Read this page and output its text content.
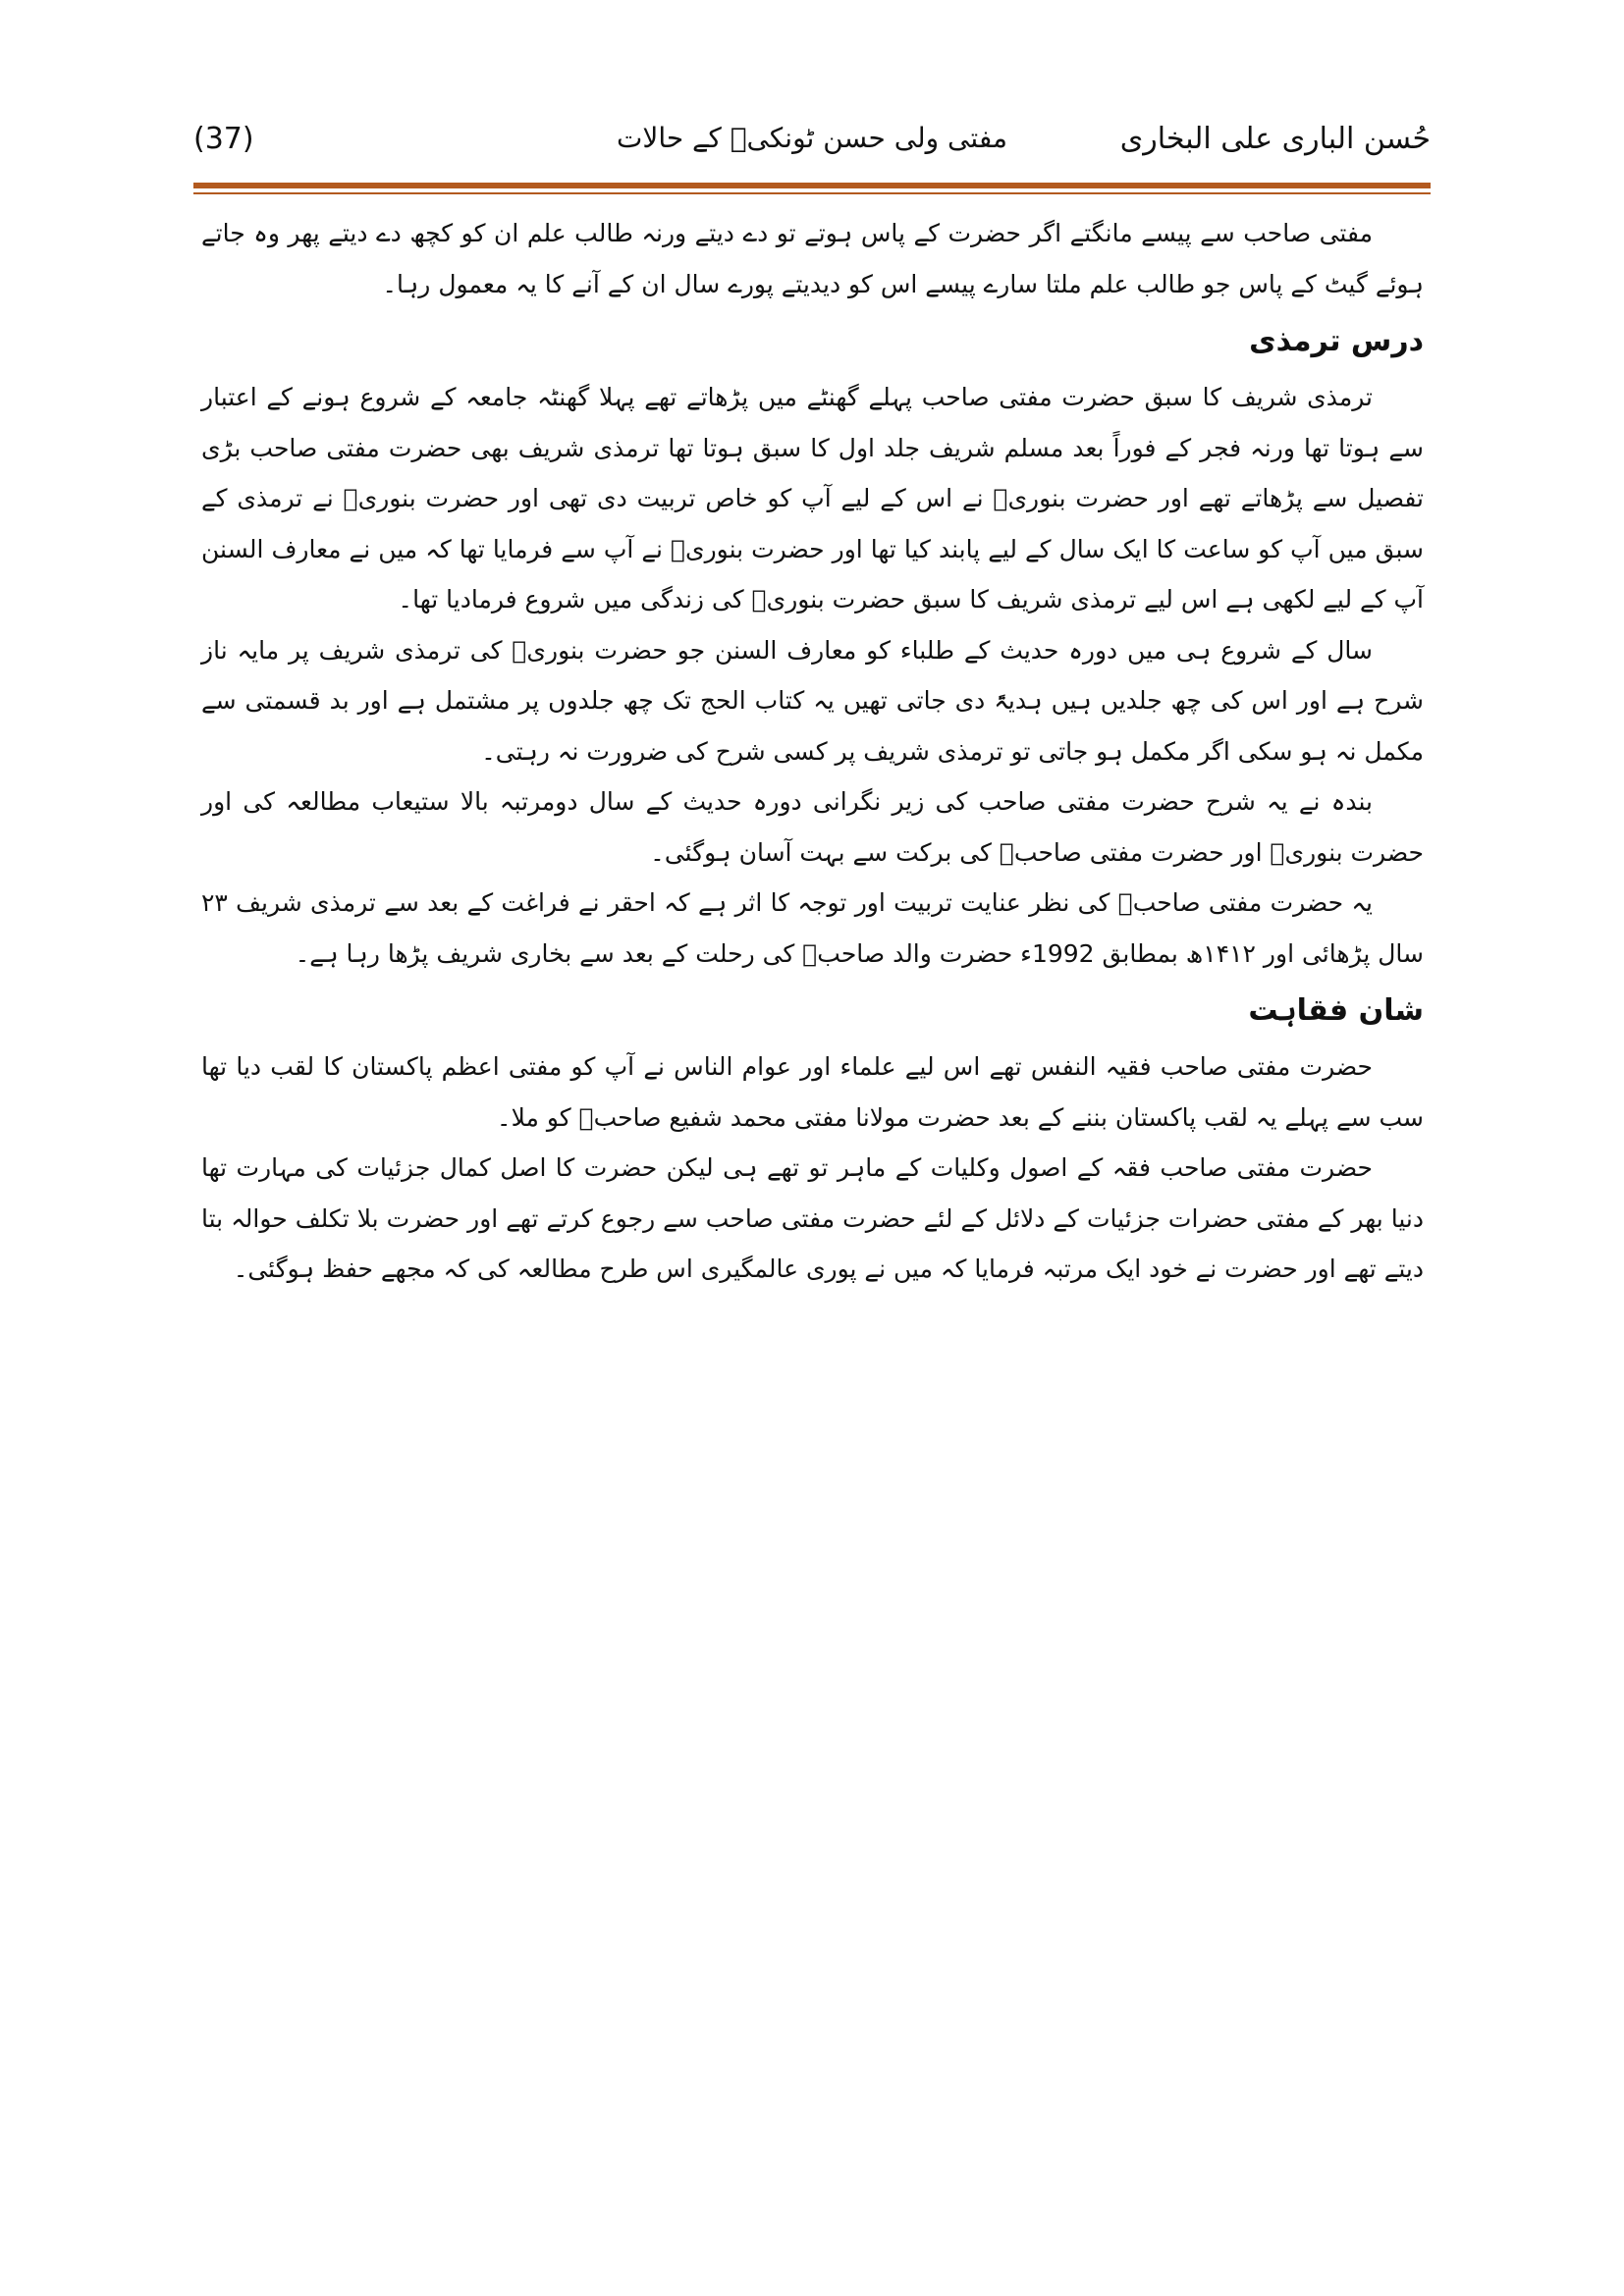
حُسن الباری علی البخاری
مفتی ولی حسن ٹونکیؒ کے حالات
(37)

مفتی صاحب سے پیسے مانگتے اگر حضرت کے پاس ہوتے تو دے دیتے ورنہ طالب علم ان کو کچھ دے دیتے پھر وہ جاتے ہوئے گیٹ کے پاس جو طالب علم ملتا سارے پیسے اس کو دیدیتے پورے سال ان کے آنے کا یہ معمول رہا۔

درس ترمذی

ترمذی شریف کا سبق حضرت مفتی صاحب پہلے گھنٹے میں پڑھاتے تھے پہلا گھنٹہ جامعہ کے شروع ہونے کے اعتبار سے ہوتا تھا ورنہ فجر کے فوراً بعد مسلم شریف جلد اول کا سبق ہوتا تھا ترمذی شریف بھی حضرت مفتی صاحب بڑی تفصیل سے پڑھاتے تھے اور حضرت بنوریؒ نے اس کے لیے آپ کو خاص تربیت دی تھی اور حضرت بنوریؒ نے ترمذی کے سبق میں آپ کو ساعت کا ایک سال کے لیے پابند کیا تھا اور حضرت بنوریؒ نے آپ سے فرمایا تھا کہ میں نے معارف السنن آپ کے لیے لکھی ہے اس لیے ترمذی شریف کا سبق حضرت بنوریؒ کی زندگی میں شروع فرمادیا تھا۔

سال کے شروع ہی میں دورہ حدیث کے طلباء کو معارف السنن جو حضرت بنوریؒ کی ترمذی شریف پر مایہ ناز شرح ہے اور اس کی چھ جلدیں ہیں ہدیۃً دی جاتی تھیں یہ کتاب الحج تک چھ جلدوں پر مشتمل ہے اور بد قسمتی سے مکمل نہ ہو سکی اگر مکمل ہو جاتی تو ترمذی شریف پر کسی شرح کی ضرورت نہ رہتی۔

بندہ نے یہ شرح حضرت مفتی صاحب کی زیر نگرانی دورہ حدیث کے سال دومرتبہ بالا ستیعاب مطالعہ کی اور حضرت بنوریؒ اور حضرت مفتی صاحبؒ کی برکت سے بہت آسان ہوگئی۔

یہ حضرت مفتی صاحبؒ کی نظر عنایت تربیت اور توجہ کا اثر ہے کہ احقر نے فراغت کے بعد سے ترمذی شریف ۲۳ سال پڑھائی اور ۱۴۱۲ھ بمطابق 1992ء حضرت والد صاحبؒ کی رحلت کے بعد سے بخاری شریف پڑھا رہا ہے۔

شان فقاہت

حضرت مفتی صاحب فقیہ النفس تھے اس لیے علماء اور عوام الناس نے آپ کو مفتی اعظم پاکستان کا لقب دیا تھا سب سے پہلے یہ لقب پاکستان بننے کے بعد حضرت مولانا مفتی محمد شفیع صاحبؒ کو ملا۔

حضرت مفتی صاحب فقہ کے اصول وکلیات کے ماہر تو تھے ہی لیکن حضرت کا اصل کمال جزئیات کی مہارت تھا دنیا بھر کے مفتی حضرات جزئیات کے دلائل کے لئے حضرت مفتی صاحب سے رجوع کرتے تھے اور حضرت بلا تکلف حوالہ بتا دیتے تھے اور حضرت نے خود ایک مرتبہ فرمایا کہ میں نے پوری عالمگیری اس طرح مطالعہ کی کہ مجھے حفظ ہوگئی۔
